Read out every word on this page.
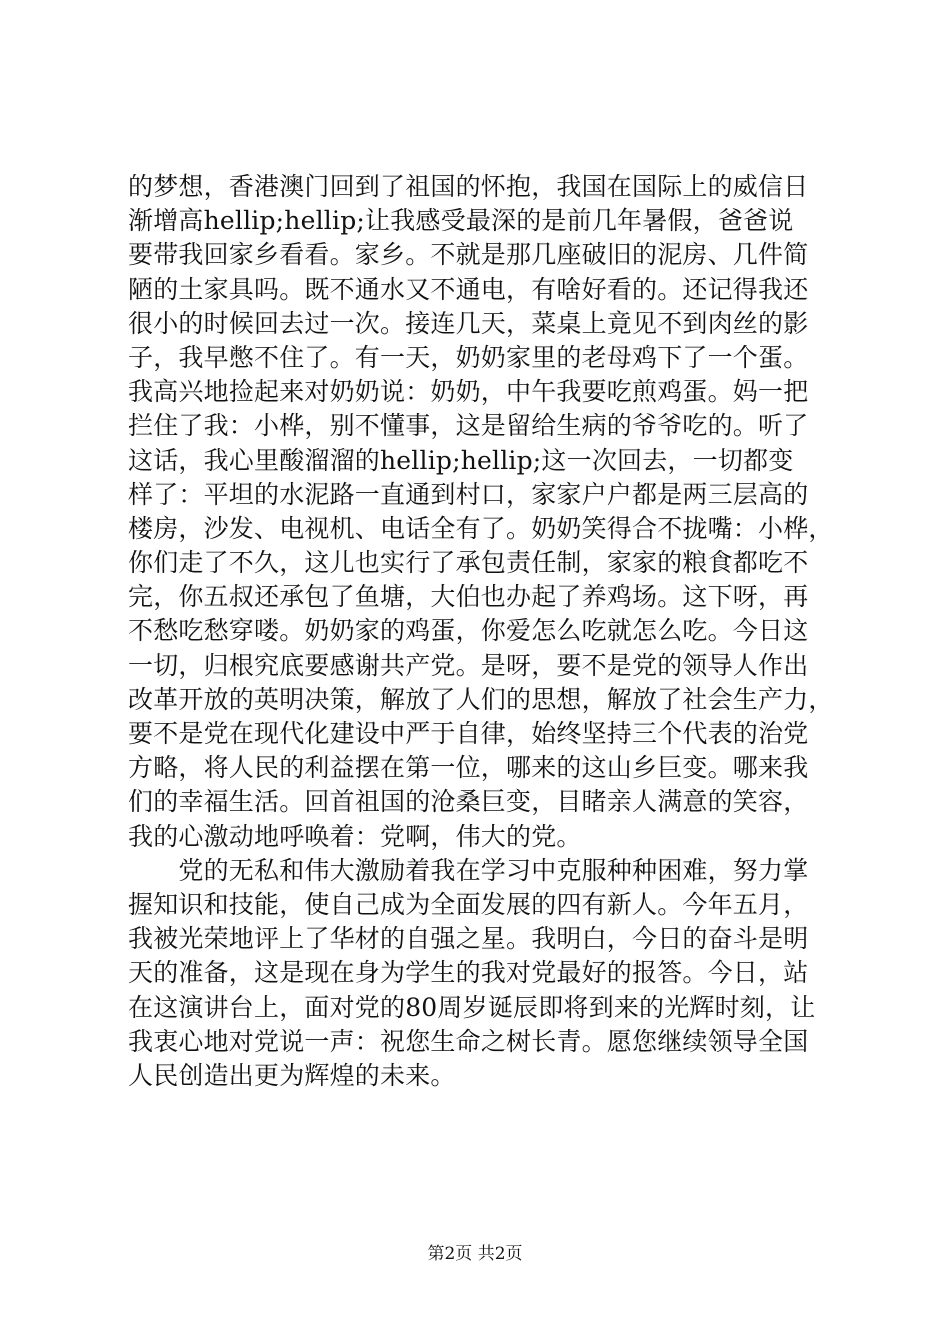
的梦想，香港澳门回到了祖国的怀抱，我国在国际上的威信日
渐增高hellip;hellip;让我感受最深的是前几年暑假，爸爸说
要带我回家乡看看。家乡。不就是那几座破旧的泥房、几件简
陋的土家具吗。既不通水又不通电，有啥好看的。还记得我还
很小的时候回去过一次。接连几天，菜桌上竟见不到肉丝的影
子，我早憋不住了。有一天，奶奶家里的老母鸡下了一个蛋。
我高兴地捡起来对奶奶说：奶奶，中午我要吃煎鸡蛋。妈一把
拦住了我：小桦，别不懂事，这是留给生病的爷爷吃的。听了
这话，我心里酸溜溜的hellip;hellip;这一次回去，一切都变
样了：平坦的水泥路一直通到村口，家家户户都是两三层高的
楼房，沙发、电视机、电话全有了。奶奶笑得合不拢嘴：小桦，
你们走了不久，这儿也实行了承包责任制，家家的粮食都吃不
完，你五叔还承包了鱼塘，大伯也办起了养鸡场。这下呀，再
不愁吃愁穿喽。奶奶家的鸡蛋，你爱怎么吃就怎么吃。今日这
一切，归根究底要感谢共产党。是呀，要不是党的领导人作出
改革开放的英明决策，解放了人们的思想，解放了社会生产力，
要不是党在现代化建设中严于自律，始终坚持三个代表的治党
方略，将人民的利益摆在第一位，哪来的这山乡巨变。哪来我
们的幸福生活。回首祖国的沧桑巨变，目睹亲人满意的笑容，
我的心激动地呼唤着：党啊，伟大的党。
　　党的无私和伟大激励着我在学习中克服种种困难，努力掌
握知识和技能，使自己成为全面发展的四有新人。今年五月，
我被光荣地评上了华材的自强之星。我明白，今日的奋斗是明
天的准备，这是现在身为学生的我对党最好的报答。今日，站
在这演讲台上，面对党的80周岁诞辰即将到来的光辉时刻，让
我衷心地对党说一声：祝您生命之树长青。愿您继续领导全国
人民创造出更为辉煌的未来。
第2页 共2页
